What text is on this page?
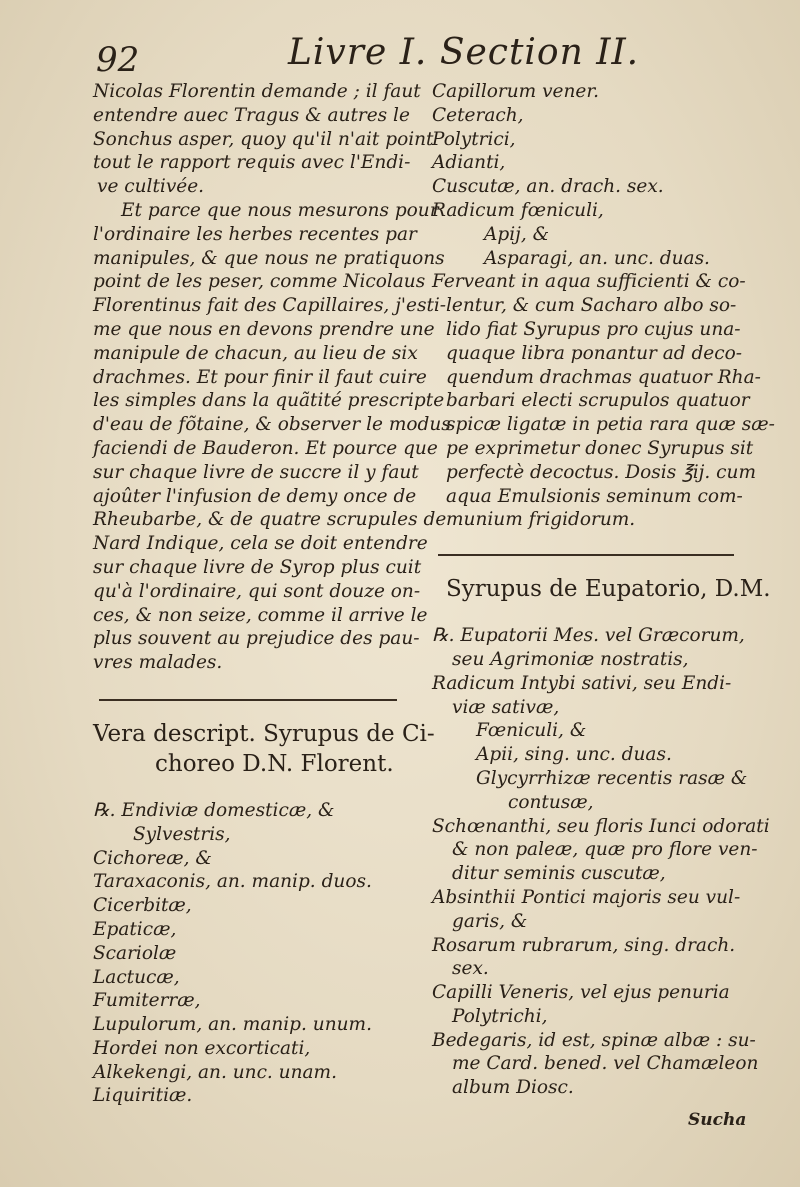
92	Livre I. Section II.
Nicolas Florentin demande ; il faut
entendre auec Tragus & autres le
Sonchus asper, quoy qu'il n'ait point
tout le rapport requis avec l'Endi-
ve cultivée.
Et parce que nous mesurons pour
l'ordinaire les herbes recentes par
manipules, & que nous ne pratiquons
point de les peser, comme Nicolaus
Florentinus fait des Capillaires, j'esti-
me que nous en devons prendre une
manipule de chacun, au lieu de six
drachmes. Et pour finir il faut cuire
les simples dans la quãtité prescripte
d'eau de fõtaine, & observer le modus
faciendi de Bauderon. Et pource que
sur chaque livre de succre il y faut
ajoûter l'infusion de demy once de
Rheubarbe, & de quatre scrupules de
Nard Indique, cela se doit entendre
sur chaque livre de Syrop plus cuit
qu'à l'ordinaire, qui sont douze on-
ces, & non seize, comme il arrive le
plus souvent au prejudice des pau-
vres malades.
Vera descript. Syrupus de Ci-
choreo D.N. Florent.
℞. Endiviæ domesticæ, &
Sylvestris,
Cichoreæ, &
Taraxaconis, an. manip. duos.
Cicerbitæ,
Epaticæ,
Scariolæ
Lactucæ,
Fumiterræ,
Lupulorum, an. manip. unum.
Hordei non excorticati,
Alkekengi, an. unc. unam.
Liquiritiæ.
Capillorum vener.
Ceterach,
Polytrici,
Adianti,
Cuscutæ, an. drach. sex.
Radicum fœniculi,
Apij, &
Asparagi, an. unc. duas.
Ferveant in aqua sufficienti & co-
lentur, & cum Sacharo albo so-
lido fiat Syrupus pro cujus una-
quaque libra ponantur ad deco-
quendum drachmas quatuor Rha-
barbari electi scrupulos quatuor
spicæ ligatæ in petia rara quæ sæ-
pe exprimetur donec Syrupus sit
perfectè decoctus. Dosis ℥ij. cum
aqua Emulsionis seminum com-
munium frigidorum.
Syrupus de Eupatorio, D.M.
℞. Eupatorii Mes. vel Græcorum,
seu Agrimoniæ nostratis,
Radicum Intybi sativi, seu Endi-
viæ sativæ,
Fœniculi, &
Apii, sing. unc. duas.
Glycyrrhizæ recentis rasæ &
contusæ,
Schœnanthi, seu floris Iunci odorati
& non paleæ, quæ pro flore ven-
ditur seminis cuscutæ,
Absinthii Pontici majoris seu vul-
garis, &
Rosarum rubrarum, sing. drach.
sex.
Capilli Veneris, vel ejus penuria
Polytrichi,
Bedegaris, id est, spinæ albæ : su-
me Card. bened. vel Chamæleon
album Diosc.
Sucha
